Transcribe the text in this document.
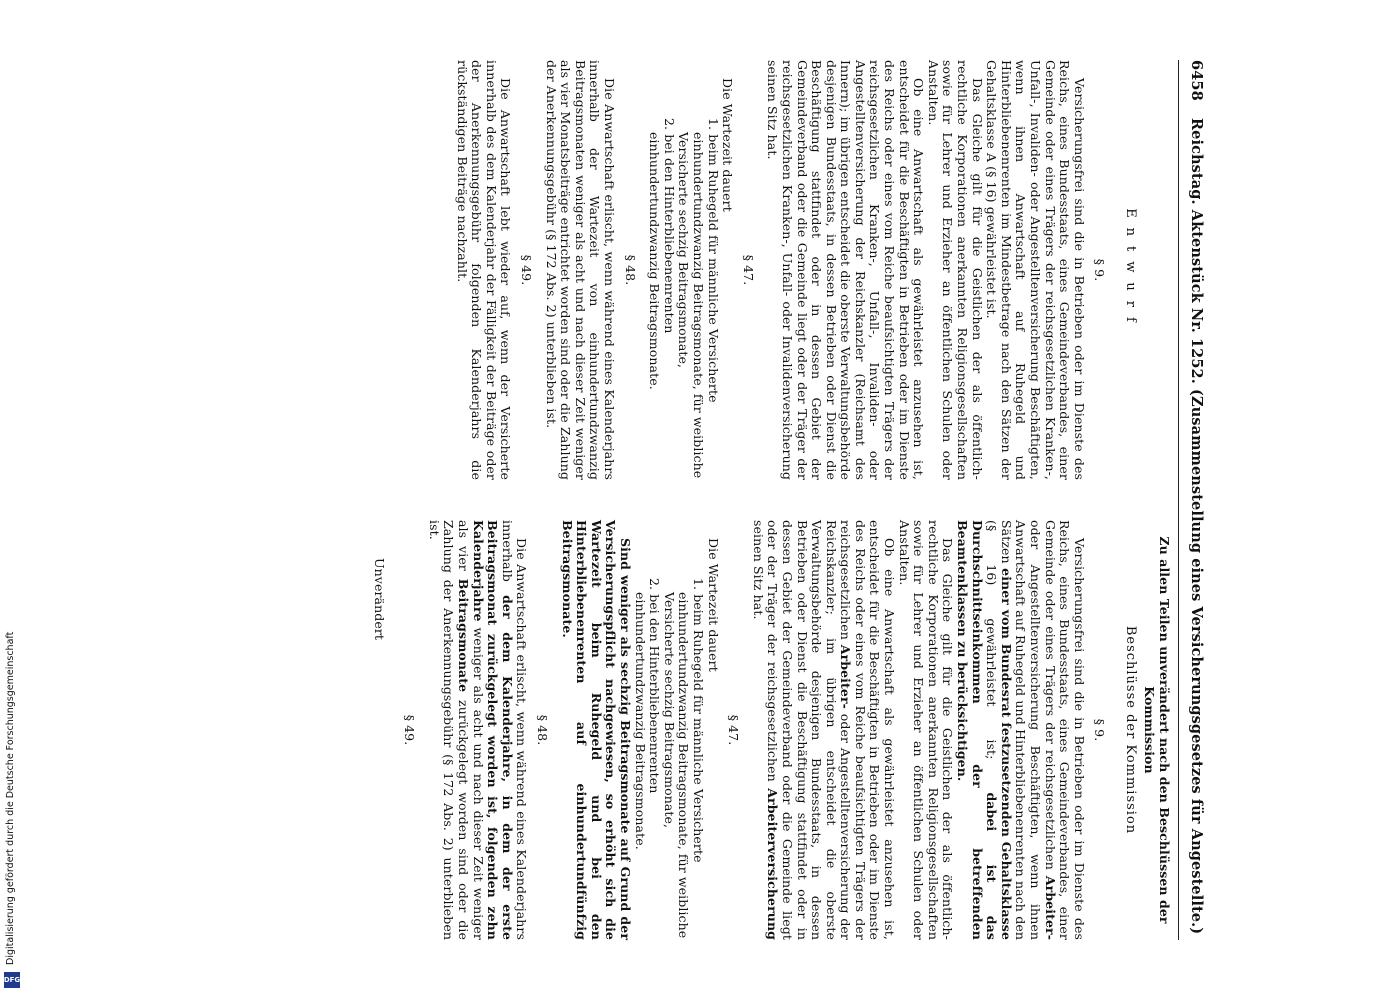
6458
Reichstag. Aktenstück Nr. 1252. (Zusammenstellung eines Versicherungsgesetzes für Angestellte.)
Zu allen Teilen unverändert nach den Beschlüssen der Kommission
Entwurf
§ 9.

Versicherungsfrei sind die in Betrieben oder im Dienste des Reichs, eines Bundesstaats, eines Gemeindeverbandes, einer Gemeinde oder eines Trägers der reichsgesetzlichen Kranken-, Unfall-, Invaliden- oder Angestelltenversicherung Beschäftigten, wenn ihnen Anwartschaft auf Ruhegeld und Hinterbliebenenrenten im Mindestbetrage nach den Sätzen der Gehaltsklasse A (§ 16) gewährleistet ist.

Das Gleiche gilt für die Geistlichen der als öffentlich-rechtliche Korporationen anerkannten Religionsgesellschaften sowie für Lehrer und Erzieher an öffentlichen Schulen oder Anstalten.

Ob eine Anwartschaft als gewährleistet anzusehen ist, entscheidet für die Beschäftigten in Betrieben oder im Dienste des Reichs oder eines vom Reiche beaufsichtigten Trägers der reichsgesetzlichen Kranken-, Unfall-, Invaliden- oder Angestelltenversicherung der Reichskanzler (Reichsamt des Innern); im übrigen entscheidet die oberste Verwaltungsbehörde desjenigen Bundesstaats, in dessen Betrieben oder Dienst die Beschäftigung stattfindet oder in dessen Gebiet der Gemeindeverband oder die Gemeinde liegt oder der Träger der reichsgesetzlichen Kranken-, Unfall- oder Invalidenversicherung seinen Sitz hat.

§ 47.

Die Wartezeit dauert

1. beim Ruhegeld für männliche Versicherte einhundertundzwanzig Beitragsmonate, für weibliche Versicherte sechzig Beitragsmonate,
2. bei den Hinterbliebenenrenten einhundertundzwanzig Beitragsmonate.
§ 48.

Die Anwartschaft erlischt, wenn während eines Kalenderjahrs innerhalb der Wartezeit von einhundertundzwanzig Beitragsmonaten weniger als acht und nach dieser Zeit weniger als vier Monatsbeiträge entrichtet worden sind oder die Zahlung der Anerkennungsgebühr (§ 172 Abs. 2) unterblieben ist.

§ 49.

Die Anwartschaft lebt wieder auf, wenn der Versicherte innerhalb des dem Kalenderjahr der Fälligkeit der Beiträge oder der Anerkennungsgebühr folgenden Kalenderjahrs die rückständigen Beiträge nachzahlt.

Beschlüsse der Kommission
§ 9.

Versicherungsfrei sind die in Betrieben oder im Dienste des Reichs, eines Bundesstaats, eines Gemeindeverbandes, einer Gemeinde oder eines Trägers der reichsgesetzlichen Arbeiter- oder Angestelltenversicherung Beschäftigten, wenn ihnen Anwartschaft auf Ruhegeld und Hinterbliebenenrenten nach den Sätzen einer vom Bundesrat festzusetzenden Gehaltsklasse (§ 16) gewährleistet ist; dabei ist das Durchschnittseinkommen der betreffenden Beamtenklassen zu berücksichtigen.

Das Gleiche gilt für die Geistlichen der als öffentlich-rechtliche Korporationen anerkannten Religionsgesellschaften sowie für Lehrer und Erzieher an öffentlichen Schulen oder Anstalten.

Ob eine Anwartschaft als gewährleistet anzusehen ist, entscheidet für die Beschäftigten in Betrieben oder im Dienste des Reichs oder eines vom Reiche beaufsichtigten Trägers der reichsgesetzlichen Arbeiter- oder Angestelltenversicherung der Reichskanzler; im übrigen entscheidet die oberste Verwaltungsbehörde desjenigen Bundesstaats, in dessen Betrieben oder Dienst die Beschäftigung stattfindet oder in dessen Gebiet der Gemeindeverband oder die Gemeinde liegt oder der Träger der reichsgesetzlichen Arbeiterversicherung seinen Sitz hat.

§ 47.

Die Wartezeit dauert

1. beim Ruhegeld für männliche Versicherte einhundertundzwanzig Beitragsmonate, für weibliche Versicherte sechzig Beitragsmonate,
2. bei den Hinterbliebenenrenten einhundertundzwanzig Beitragsmonate.

Sind weniger als sechzig Beitragsmonate auf Grund der Versicherungspflicht nachgewiesen, so erhöht sich die Wartezeit beim Ruhegeld und bei den Hinterbliebenenrenten auf einhundertundfünfzig Beitragsmonate.

§ 48.

Die Anwartschaft erlischt, wenn während eines Kalenderjahrs innerhalb der dem Kalenderjahre, in dem der erste Beitragsmonat zurückgelegt worden ist, folgenden zehn Kalenderjahre weniger als acht und nach dieser Zeit weniger als vier Beitragsmonate zurückgelegt worden sind oder die Zahlung der Anerkennungsgebühr (§ 172 Abs. 2) unterblieben ist.

§ 49.

Unverändert

Digitalisierung gefördert durch die Deutsche Forschungsgemeinschaft
DFG
